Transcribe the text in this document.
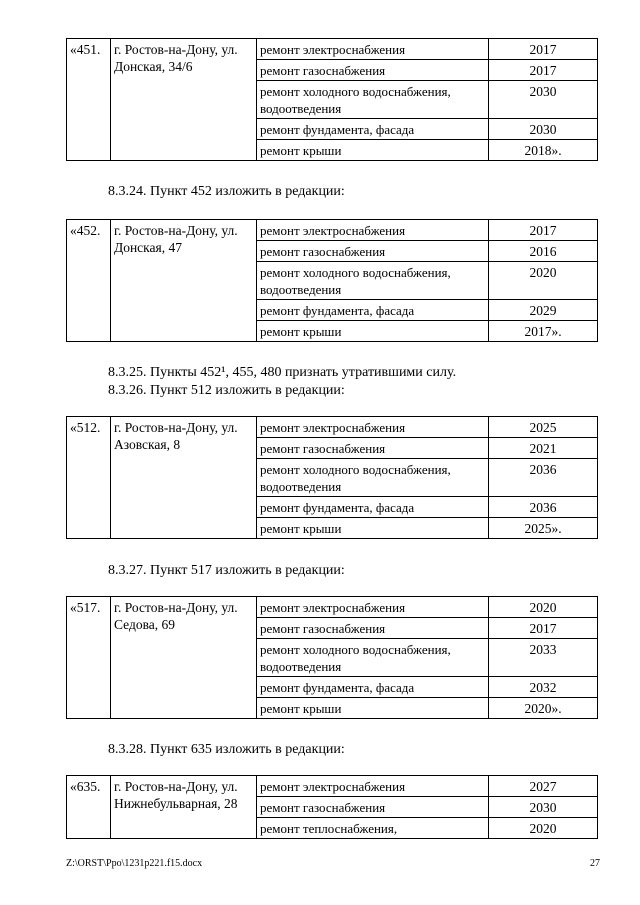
«451.	г. Ростов-на-Дону, ул. Донская, 34/6	ремонт электроснабжения	2017
		ремонт газоснабжения	2017
		ремонт холодного водоснабжения, водоотведения	2030
		ремонт фундамента, фасада	2030
		ремонт крыши	2018».
8.3.24. Пункт 452 изложить в редакции:
«452.	г. Ростов-на-Дону, ул. Донская, 47	ремонт электроснабжения	2017
		ремонт газоснабжения	2016
		ремонт холодного водоснабжения, водоотведения	2020
		ремонт фундамента, фасада	2029
		ремонт крыши	2017».
8.3.25. Пункты 452¹, 455, 480 признать утратившими силу.
8.3.26. Пункт 512 изложить в редакции:
«512.	г. Ростов-на-Дону, ул. Азовская, 8	ремонт электроснабжения	2025
		ремонт газоснабжения	2021
		ремонт холодного водоснабжения, водоотведения	2036
		ремонт фундамента, фасада	2036
		ремонт крыши	2025».
8.3.27. Пункт 517 изложить в редакции:
«517.	г. Ростов-на-Дону, ул. Седова, 69	ремонт электроснабжения	2020
		ремонт газоснабжения	2017
		ремонт холодного водоснабжения, водоотведения	2033
		ремонт фундамента, фасада	2032
		ремонт крыши	2020».
8.3.28. Пункт 635 изложить в редакции:
«635.	г. Ростов-на-Дону, ул. Нижнебульварная, 28	ремонт электроснабжения	2027
		ремонт газоснабжения	2030
		ремонт теплоснабжения,	2020
Z:\ORST\Ppo\1231p221.f15.docx	27
